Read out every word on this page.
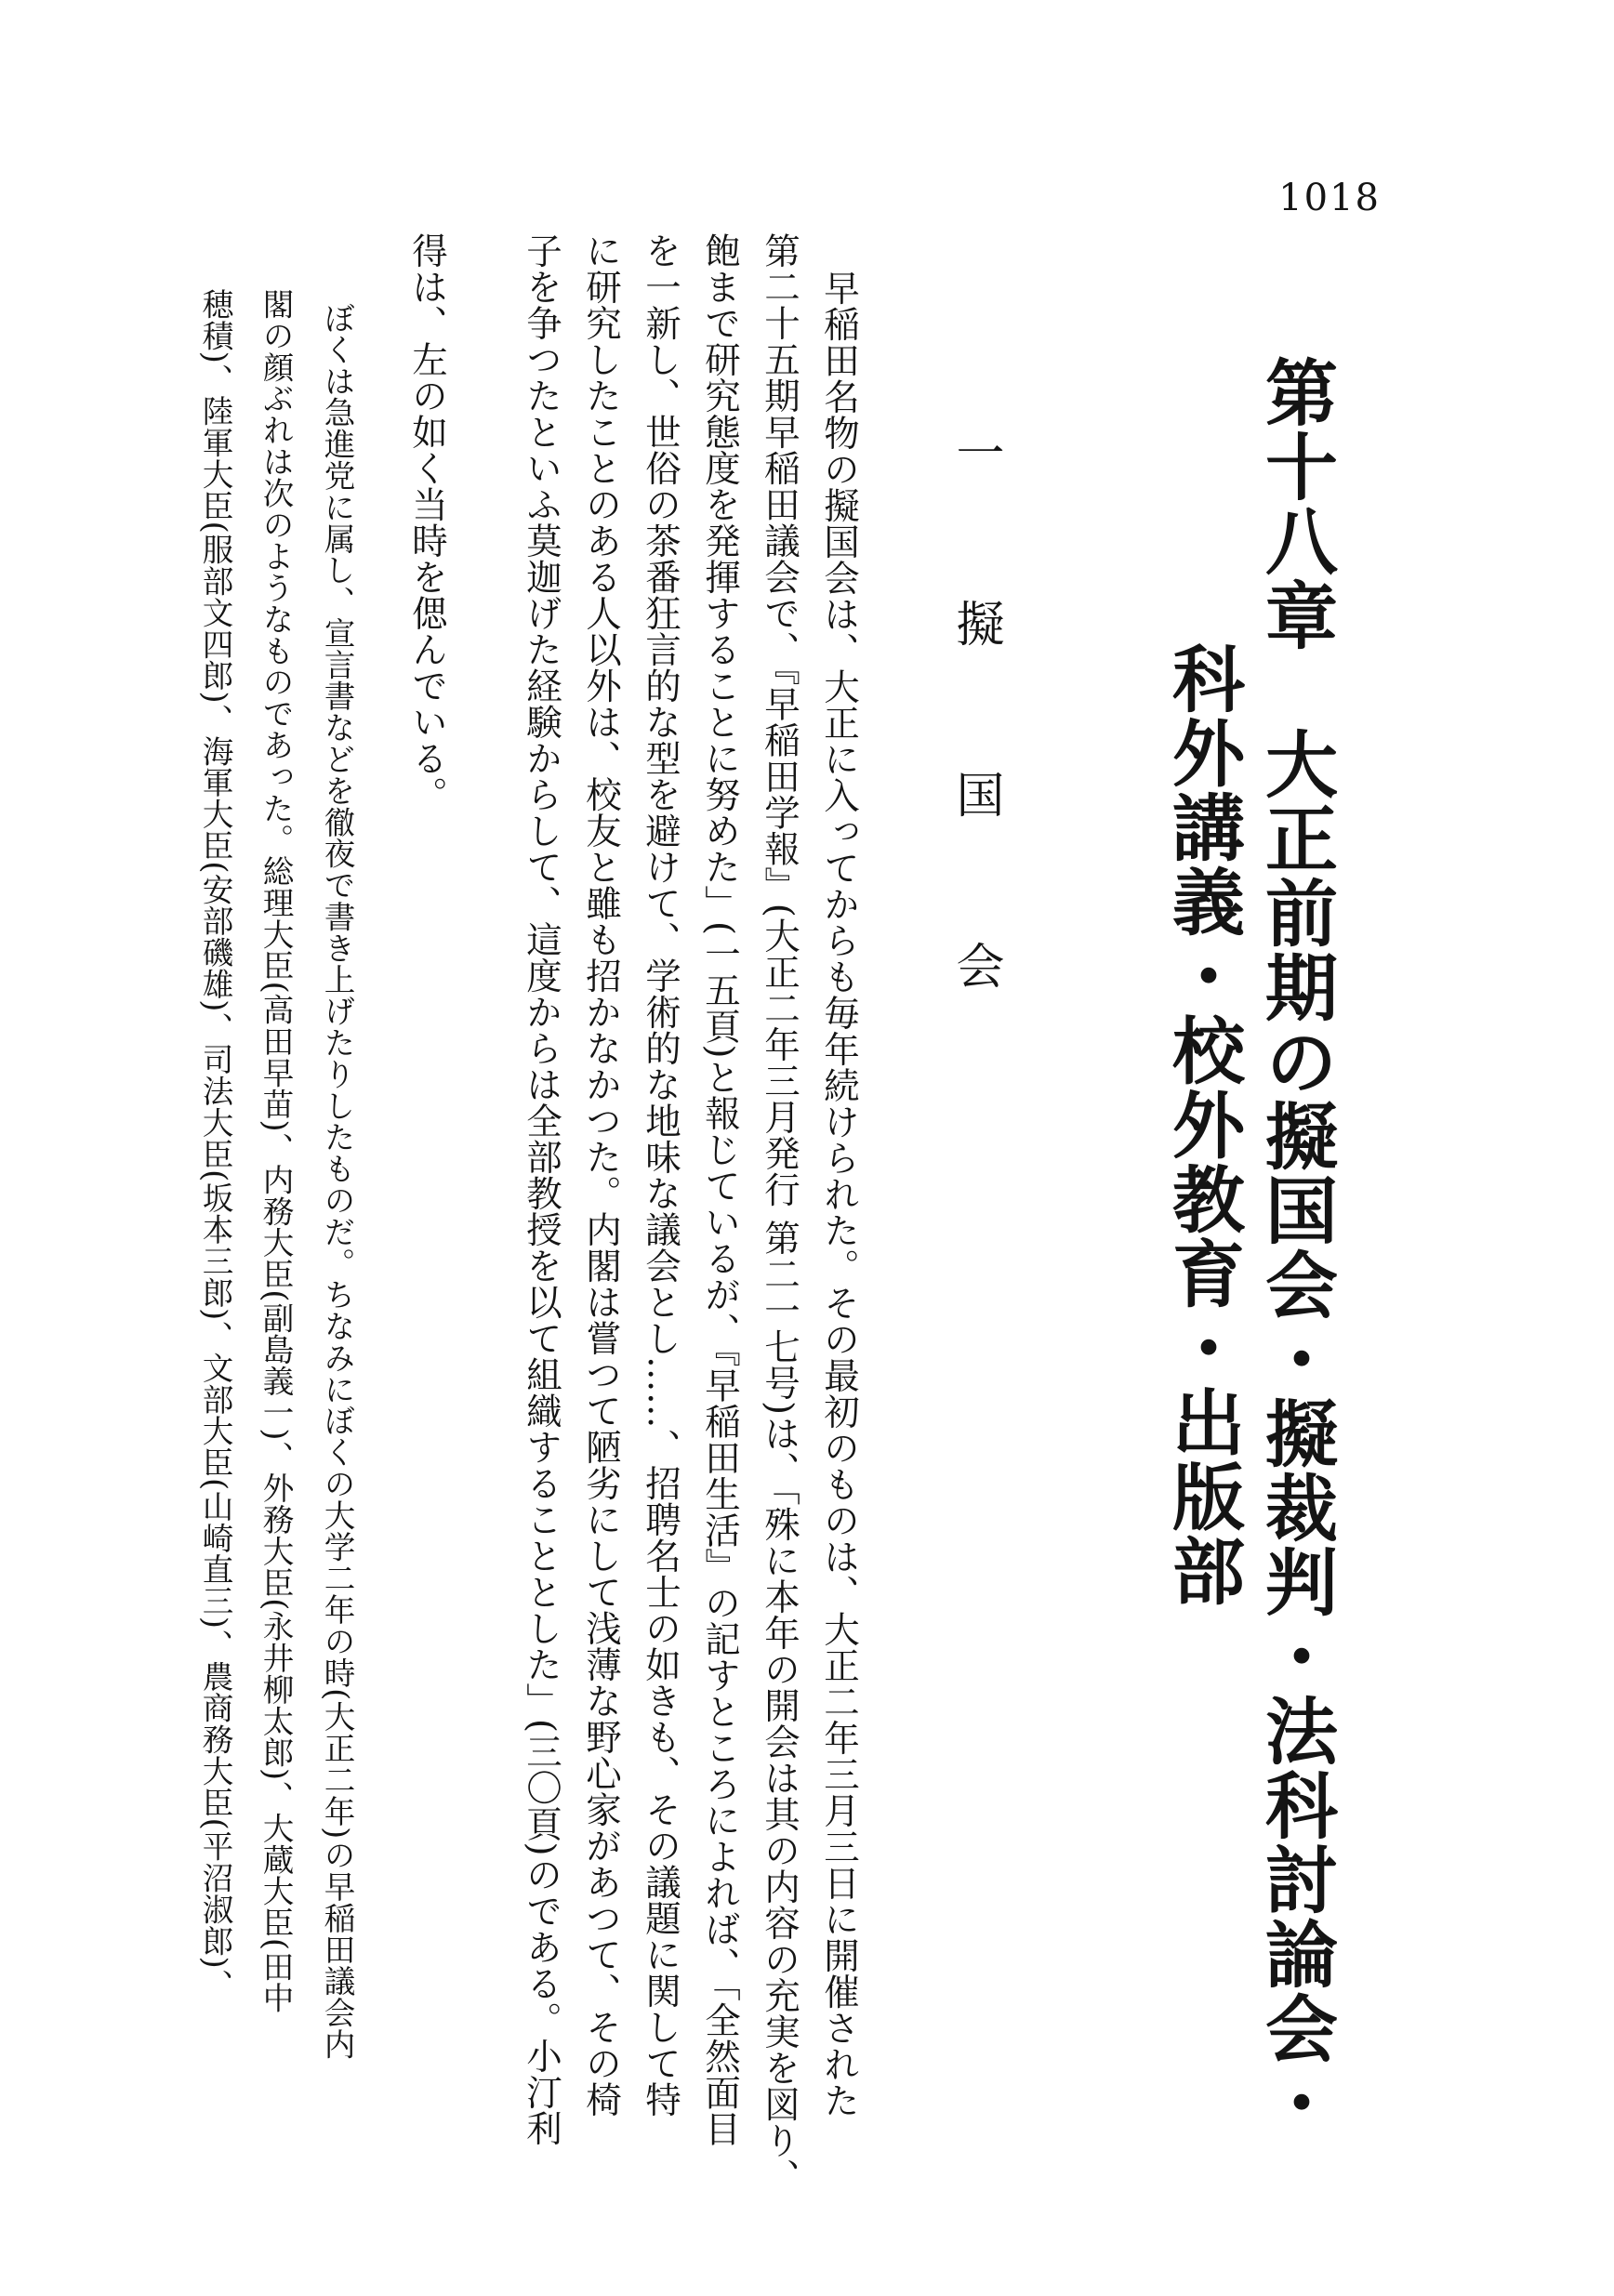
1018
第十八章　大正前期の擬国会・擬裁判・法科討論会・
科外講義・校外教育・出版部
一　擬　国　会
早稲田名物の擬国会は、大正に入ってからも毎年続けられた。その最初のものは、大正二年三月三日に開催された
第二十五期早稲田議会で、『早稲田学報』(大正二年三月発行 第二一七号)は、「殊に本年の開会は其の内容の充実を図り、
飽まで研究態度を発揮することに努めた」(一五頁)と報じているが、『早稲田生活』の記すところによれば、「全然面目
を一新し、世俗の茶番狂言的な型を避けて、学術的な地味な議会とし……、招聘名士の如きも、その議題に関して特
に研究したことのある人以外は、校友と雖も招かなかつた。内閣は嘗つて陋劣にして浅薄な野心家があつて、その椅
子を争つたといふ莫迦げた経験からして、這度からは全部教授を以て組織することとした」(三〇頁)のである。小汀利
得は、左の如く当時を偲んでいる。
ぼくは急進党に属し、宣言書などを徹夜で書き上げたりしたものだ。ちなみにぼくの大学二年の時(大正二年)の早稲田議会内
閣の顔ぶれは次のようなものであった。総理大臣(高田早苗)、内務大臣(副島義一)、外務大臣(永井柳太郎)、大蔵大臣(田中
穂積)、陸軍大臣(服部文四郎)、海軍大臣(安部磯雄)、司法大臣(坂本三郎)、文部大臣(山崎直三)、農商務大臣(平沼淑郎)、
